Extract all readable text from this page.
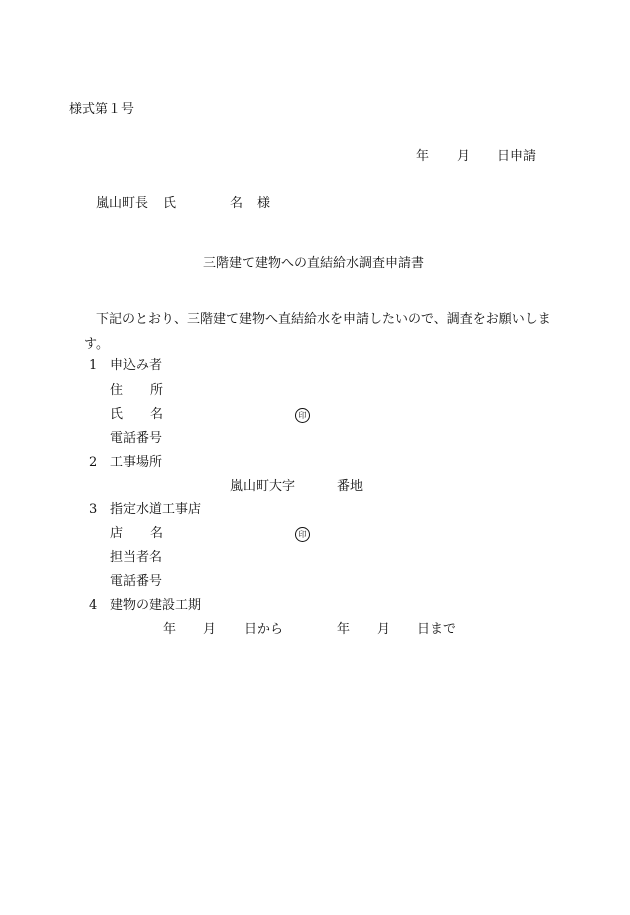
様式第１号
年 月 日申請
嵐山町長 氏	名 様
三階建て建物への直結給水調査申請書
下記のとおり、三階建て建物へ直結給水を申請したいので、調査をお願いしま
す。
1 申込み者
住 所
氏 名	印
電話番号
2 工事場所
嵐山町大字	番地
3 指定水道工事店
店 名	印
担当者名
電話番号
4 建物の建設工期
年 月 日から	年 月 日まで
